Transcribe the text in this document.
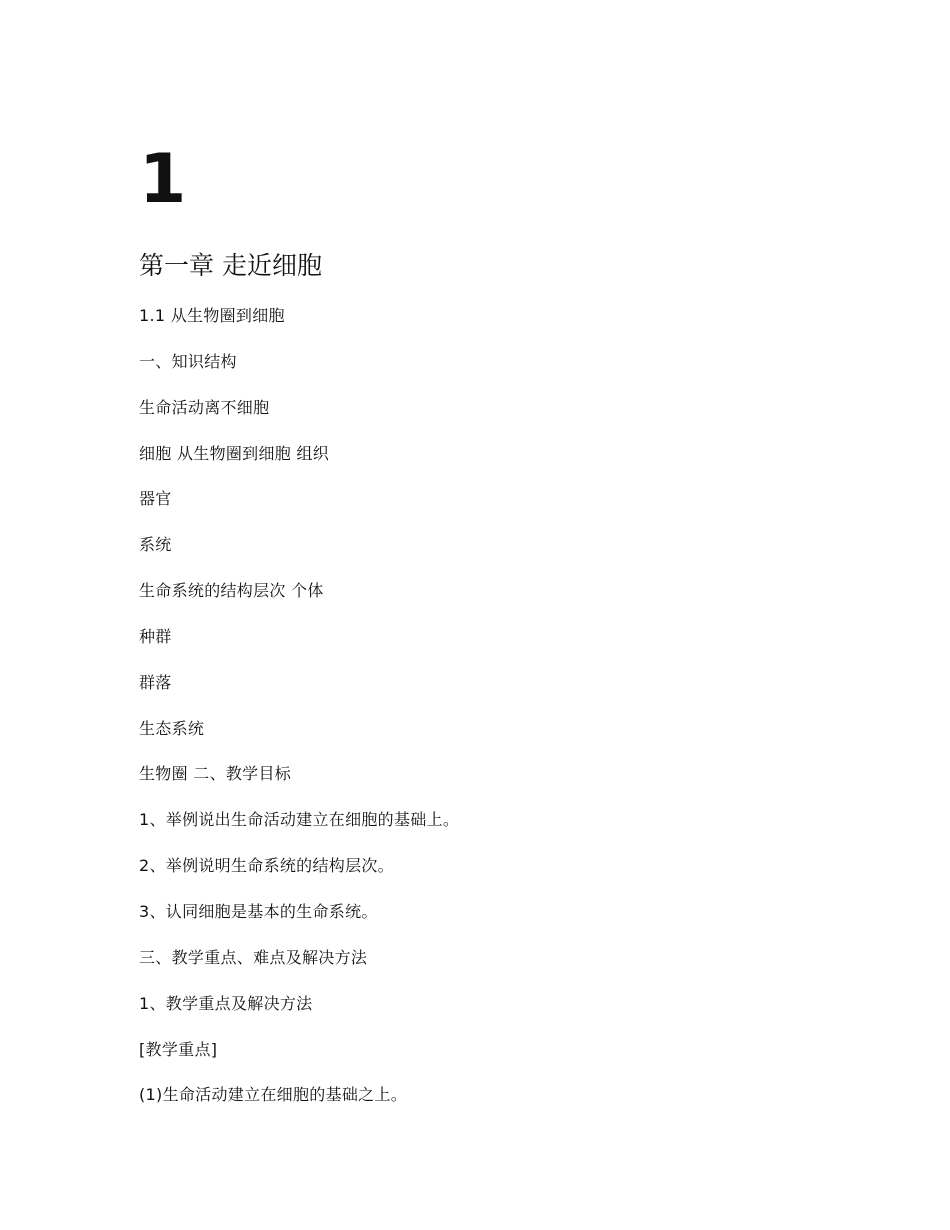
1
第一章 走近细胞
1.1 从生物圈到细胞
一、知识结构
生命活动离不细胞
细胞 从生物圈到细胞 组织
器官
系统
生命系统的结构层次 个体
种群
群落
生态系统
生物圈 二、教学目标
1、举例说出生命活动建立在细胞的基础上。
2、举例说明生命系统的结构层次。
3、认同细胞是基本的生命系统。
三、教学重点、难点及解决方法
1、教学重点及解决方法
[教学重点]
(1)生命活动建立在细胞的基础之上。
